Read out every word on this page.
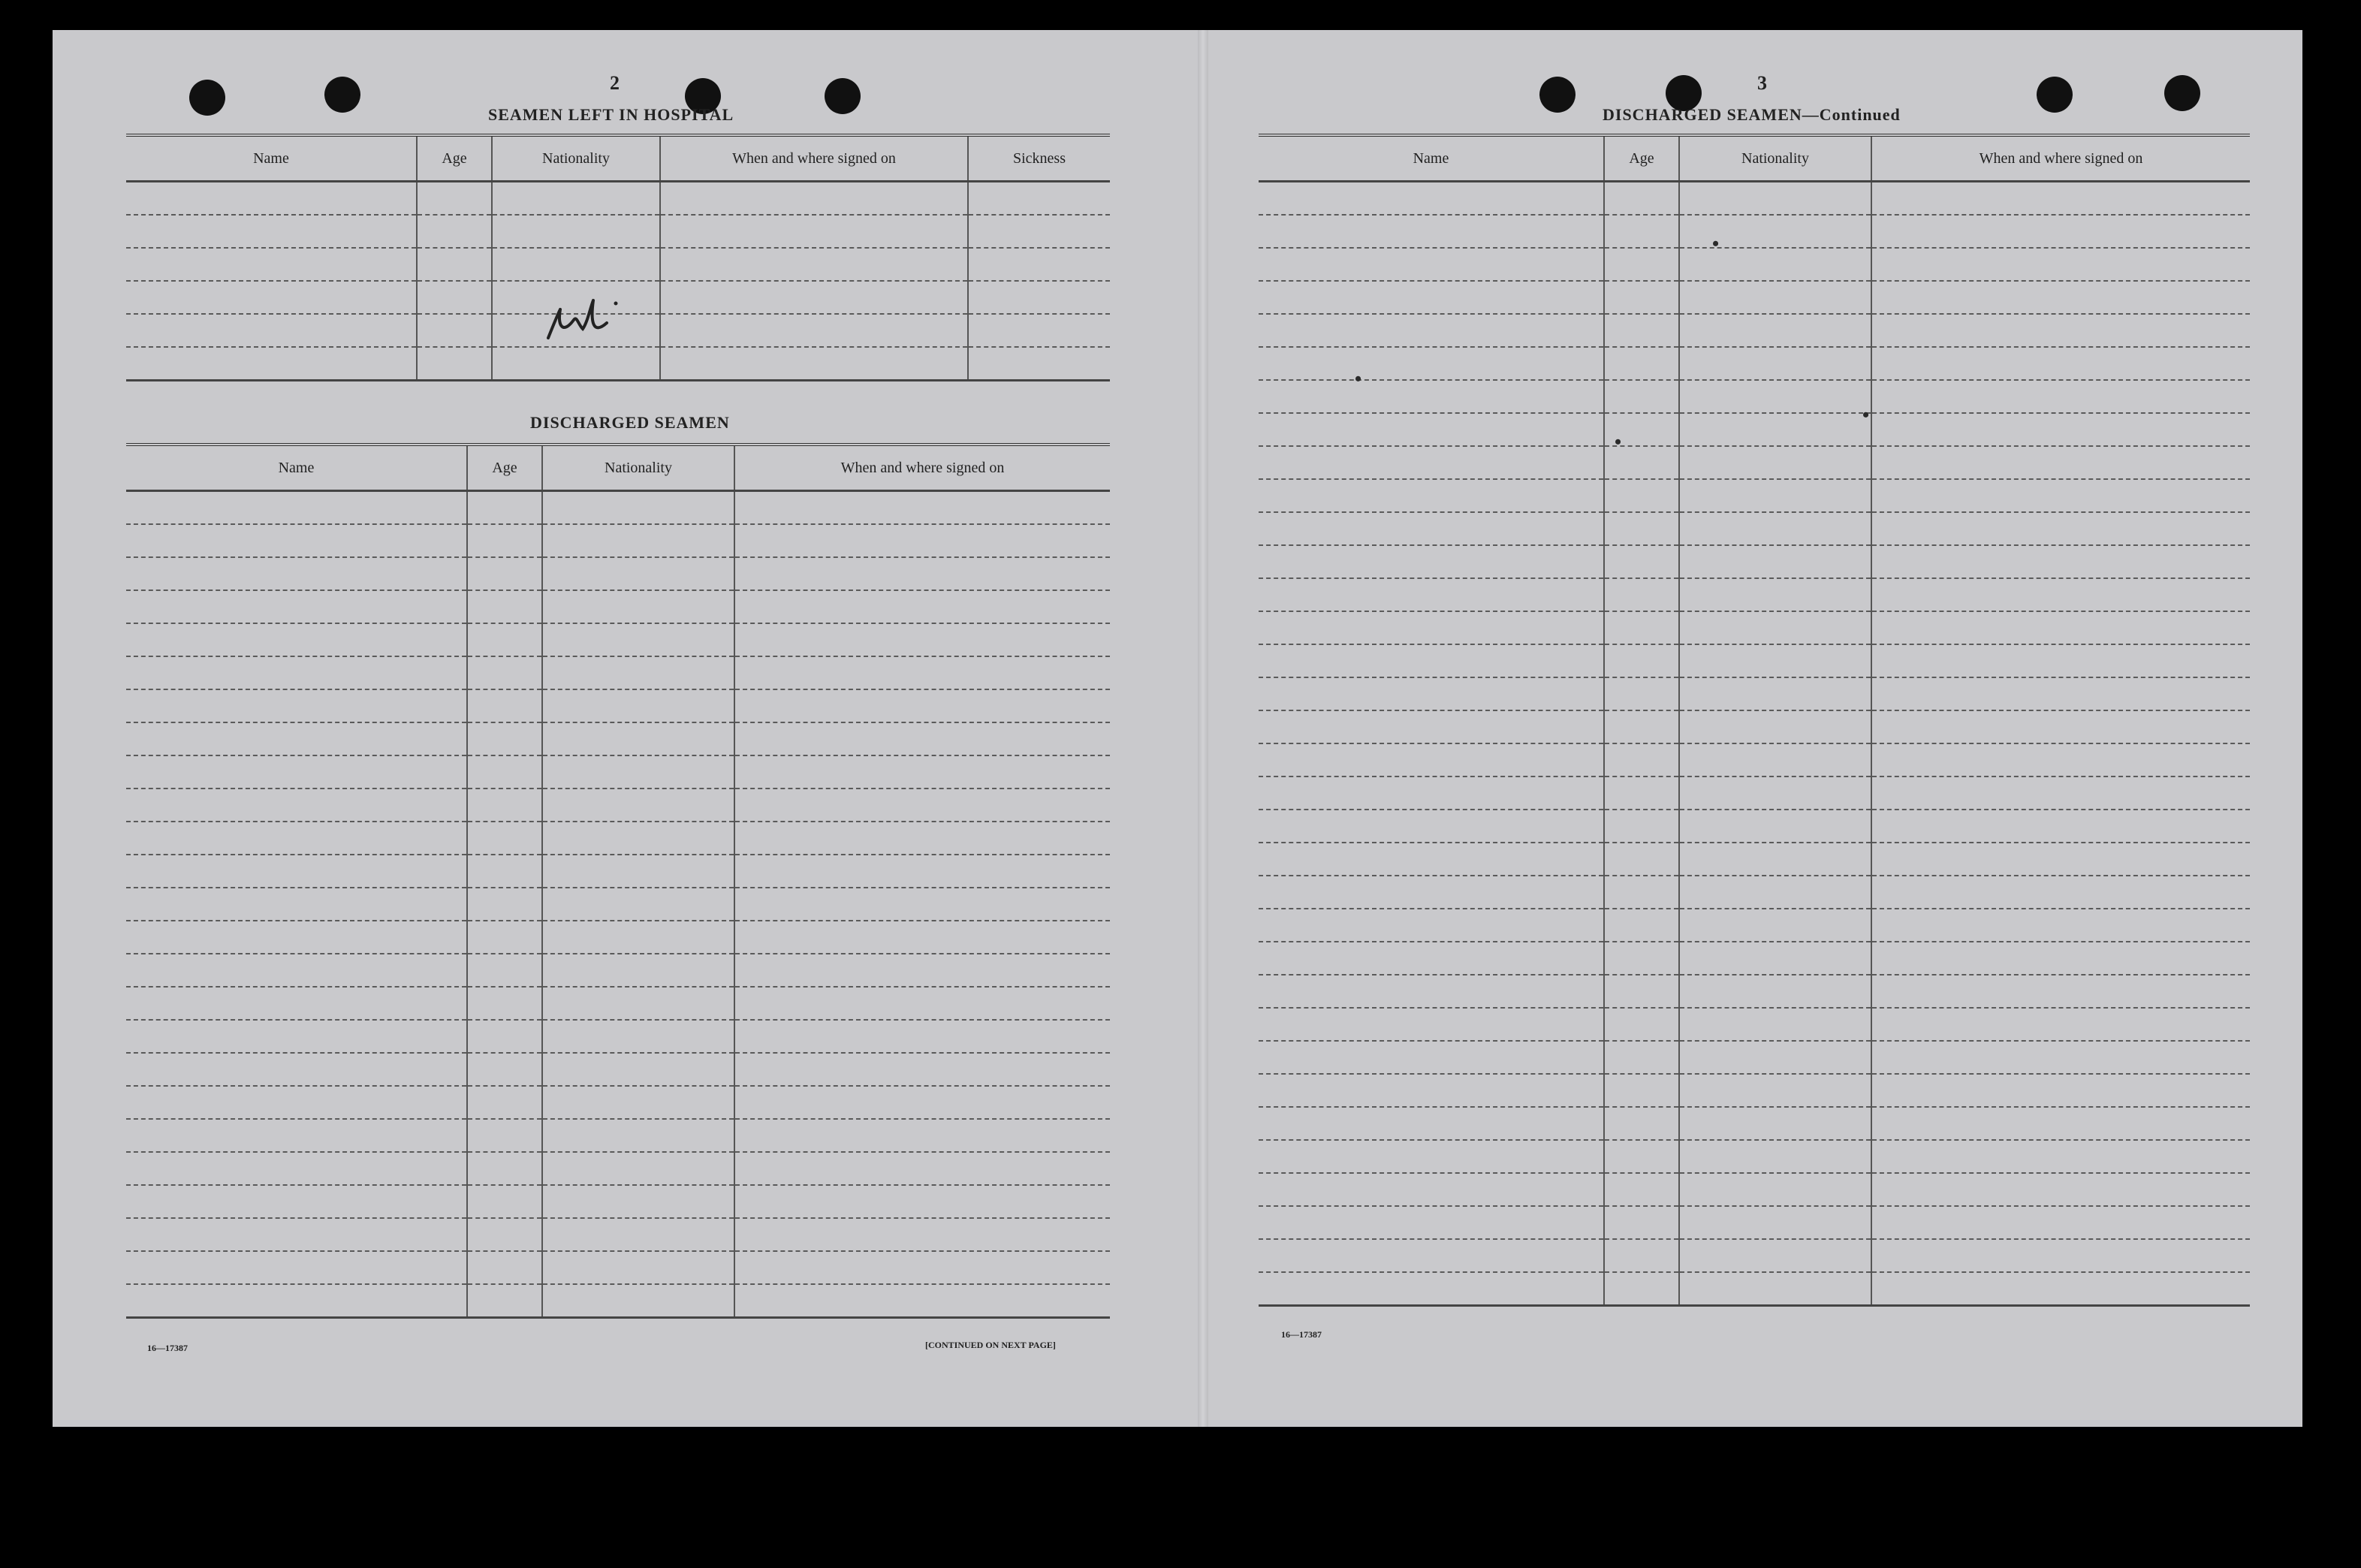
2
SEAMEN LEFT IN HOSPITAL
Name	Age	Nationality	When and where signed on	Sickness

DISCHARGED SEAMEN
Name	Age	Nationality	When and where signed on

16—17387	[CONTINUED ON NEXT PAGE]
3
DISCHARGED SEAMEN—Continued
Name	Age	Nationality	When and where signed on

16—17387
•
•
•
•
